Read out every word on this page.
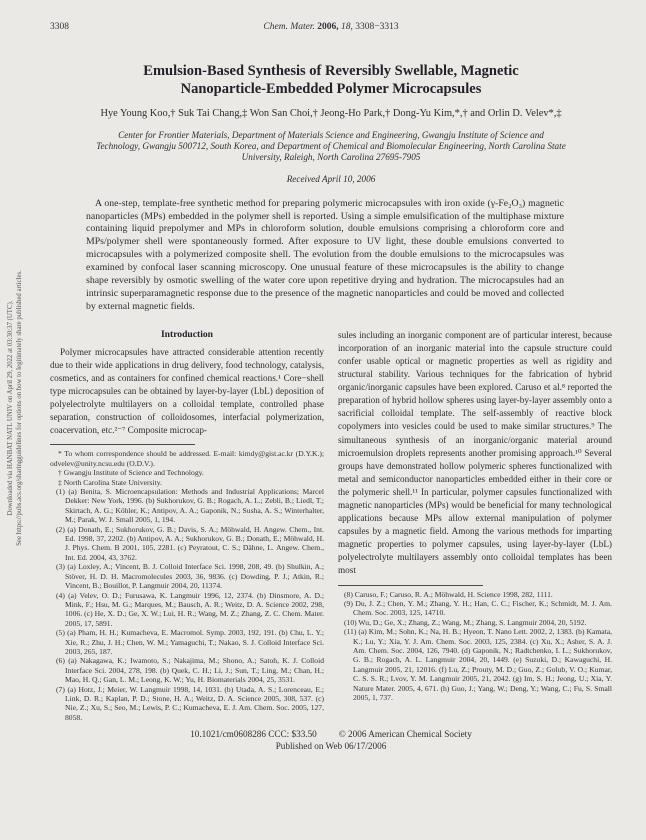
Downloaded via HANBAT NATL UNIV on April 29, 2022 at 03:30:37 (UTC). See https://pubs.acs.org/sharingguidelines for options on how to legitimately share published articles.
3308	Chem. Mater. 2006, 18, 3308−3313
Emulsion-Based Synthesis of Reversibly Swellable, Magnetic Nanoparticle-Embedded Polymer Microcapsules
Hye Young Koo,† Suk Tai Chang,‡ Won San Choi,† Jeong-Ho Park,† Dong-Yu Kim,*,† and Orlin D. Velev*,‡
Center for Frontier Materials, Department of Materials Science and Engineering, Gwangju Institute of Science and Technology, Gwangju 500712, South Korea, and Department of Chemical and Biomolecular Engineering, North Carolina State University, Raleigh, North Carolina 27695-7905
Received April 10, 2006
A one-step, template-free synthetic method for preparing polymeric microcapsules with iron oxide (γ-Fe₂O₃) magnetic nanoparticles (MPs) embedded in the polymer shell is reported. Using a simple emulsification of the multiphase mixture containing liquid prepolymer and MPs in chloroform solution, double emulsions comprising a chloroform core and MPs/polymer shell were spontaneously formed. After exposure to UV light, these double emulsions converted to microcapsules with a polymerized composite shell. The evolution from the double emulsions to the microcapsules was examined by confocal laser scanning microscopy. One unusual feature of these microcapsules is the ability to change shape reversibly by osmotic swelling of the water core upon repetitive drying and hydration. The microcapsules had an intrinsic superparamagnetic response due to the presence of the magnetic nanoparticles and could be moved and collected by external magnetic fields.
Introduction

Polymer microcapsules have attracted considerable attention recently due to their wide applications in drug delivery, food technology, catalysis, cosmetics, and as containers for confined chemical reactions.¹ Core−shell type microcapsules can be obtained by layer-by-layer (LbL) deposition of polyelectrolyte multilayers on a colloidal template, controlled phase separation, construction of colloidosomes, interfacial polymerization, coacervation, etc.²⁻⁷ Composite microcap-

* To whom correspondence should be addressed. E-mail: kimdy@gist.ac.kr (D.Y.K.); odvelev@unity.ncsu.edu (O.D.V.).

† Gwangju Institute of Science and Technology.

‡ North Carolina State University.

(1) (a) Benita, S. Microencapsulation: Methods and Industrial Applications; Marcel Dekker: New York, 1996. (b) Sukhorukov, G. B.; Rogach, A. L.; Zebli, B.; Liedl, T.; Skirtach, A. G.; Köhler, K.; Antipov, A. A.; Gaponik, N.; Susha, A. S.; Winterhalter, M.; Parak, W. J. Small 2005, 1, 194.

(2) (a) Donath, E.; Sukhorukov, G. B.; Davis, S. A.; Möhwald, H. Angew. Chem., Int. Ed. 1998, 37, 2202. (b) Antipov, A. A.; Sukhorukov, G. B.; Donath, E.; Möhwald, H. J. Phys. Chem. B 2001, 105, 2281. (c) Peyratout, C. S.; Dähne, L. Angew. Chem., Int. Ed. 2004, 43, 3762.

(3) (a) Loxley, A.; Vincent, B. J. Colloid Interface Sci. 1998, 208, 49. (b) Shulkin, A.; Stöver, H. D. H. Macromolecules 2003, 36, 9836. (c) Dowding, P. J.; Atkin, R.; Vincent, B.; Bouillot, P. Langmuir 2004, 20, 11374.

(4) (a) Velev, O. D.; Furusawa, K. Langmuir 1996, 12, 2374. (b) Dinsmore, A. D.; Mink, F.; Hsu, M. G.; Marques, M.; Bausch, A. R.; Weitz, D. A. Science 2002, 298, 1006. (c) He, X. D.; Ge, X. W.; Lui, H. R.; Wang, M. Z.; Zhang, Z. C. Chem. Mater. 2005, 17, 5891.

(5) (a) Pham, H. H.; Kumacheva, E. Macromol. Symp. 2003, 192, 191. (b) Chu, L. Y.; Xie, R.; Zhu, J. H.; Chen, W. M.; Yamaguchi, T.; Nakao, S. J. Colloid Interface Sci. 2003, 265, 187.

(6) (a) Nakagawa, K.; Iwamoto, S.; Nakajima, M.; Shono, A.; Satoh, K. J. Colloid Interface Sci. 2004, 278, 198. (b) Quek, C. H.; Li, J.; Sun, T.; Ling, M.; Chan, H.; Mao, H. Q.; Gan, L. M.; Leong, K. W.; Yu, H. Biomaterials 2004, 25, 3531.

(7) (a) Hotz, J.; Meier, W. Langmuir 1998, 14, 1031. (b) Utada, A. S.; Lorenceau, E.; Link, D. R.; Kaplan, P. D.; Stone, H. A.; Weitz, D. A. Science 2005, 308, 537. (c) Nie, Z.; Xu, S.; Seo, M.; Lewis, P. C.; Kumacheva, E. J. Am. Chem. Soc. 2005, 127, 8058.

sules including an inorganic component are of particular interest, because incorporation of an inorganic material into the capsule structure could confer usable optical or magnetic properties as well as rigidity and structural stability. Various techniques for the fabrication of hybrid organic/inorganic capsules have been explored. Caruso et al.⁸ reported the preparation of hybrid hollow spheres using layer-by-layer assembly onto a sacrificial colloidal template. The self-assembly of reactive block copolymers into vesicles could be used to make similar structures.⁹ The simultaneous synthesis of an inorganic/organic material around microemulsion droplets represents another promising approach.¹⁰ Several groups have demonstrated hollow polymeric spheres functionalized with metal and semiconductor nanoparticles embedded either in their core or the polymeric shell.¹¹ In particular, polymer capsules functionalized with magnetic nanoparticles (MPs) would be beneficial for many technological applications because MPs allow external manipulation of polymer capsules by a magnetic field. Among the various methods for imparting magnetic properties to polymer capsules, using layer-by-layer (LbL) polyelectrolyte multilayers assembly onto colloidal templates has been most

(8) Caruso, F.; Caruso, R. A.; Möhwald, H. Science 1998, 282, 1111.

(9) Du, J. Z.; Chen, Y. M.; Zhang, Y. H.; Han, C. C.; Fischer, K.; Schmidt, M. J. Am. Chem. Soc. 2003, 125, 14710.

(10) Wu, D.; Ge, X.; Zhang, Z.; Wang, M.; Zhang, S. Langmuir 2004, 20, 5192.

(11) (a) Kim, M.; Sohn, K.; Na, H. B.; Hyeon, T. Nano Lett. 2002, 2, 1383. (b) Kamata, K.; Lu, Y.; Xia, Y. J. Am. Chem. Soc. 2003, 125, 2384. (c) Xu, X.; Asher, S. A. J. Am. Chem. Soc. 2004, 126, 7940. (d) Gaponik, N.; Radtchenko, I. L.; Sukhorukov, G. B.; Rogach, A. L. Langmuir 2004, 20, 1449. (e) Suzuki, D.; Kawaguchi, H. Langmuir 2005, 21, 12016. (f) Lu, Z.; Prouty, M. D.; Guo, Z.; Golub, V. O.; Kumar, C. S. S. R.; Lvov, Y. M. Langmuir 2005, 21, 2042. (g) Im, S. H.; Jeong, U.; Xia, Y. Nature Mater. 2005, 4, 671. (h) Guo, J.; Yang, W.; Deng, Y.; Wang, C.; Fu, S. Small 2005, 1, 737.

10.1021/cm0608286 CCC: $33.50 © 2006 American Chemical Society
Published on Web 06/17/2006
